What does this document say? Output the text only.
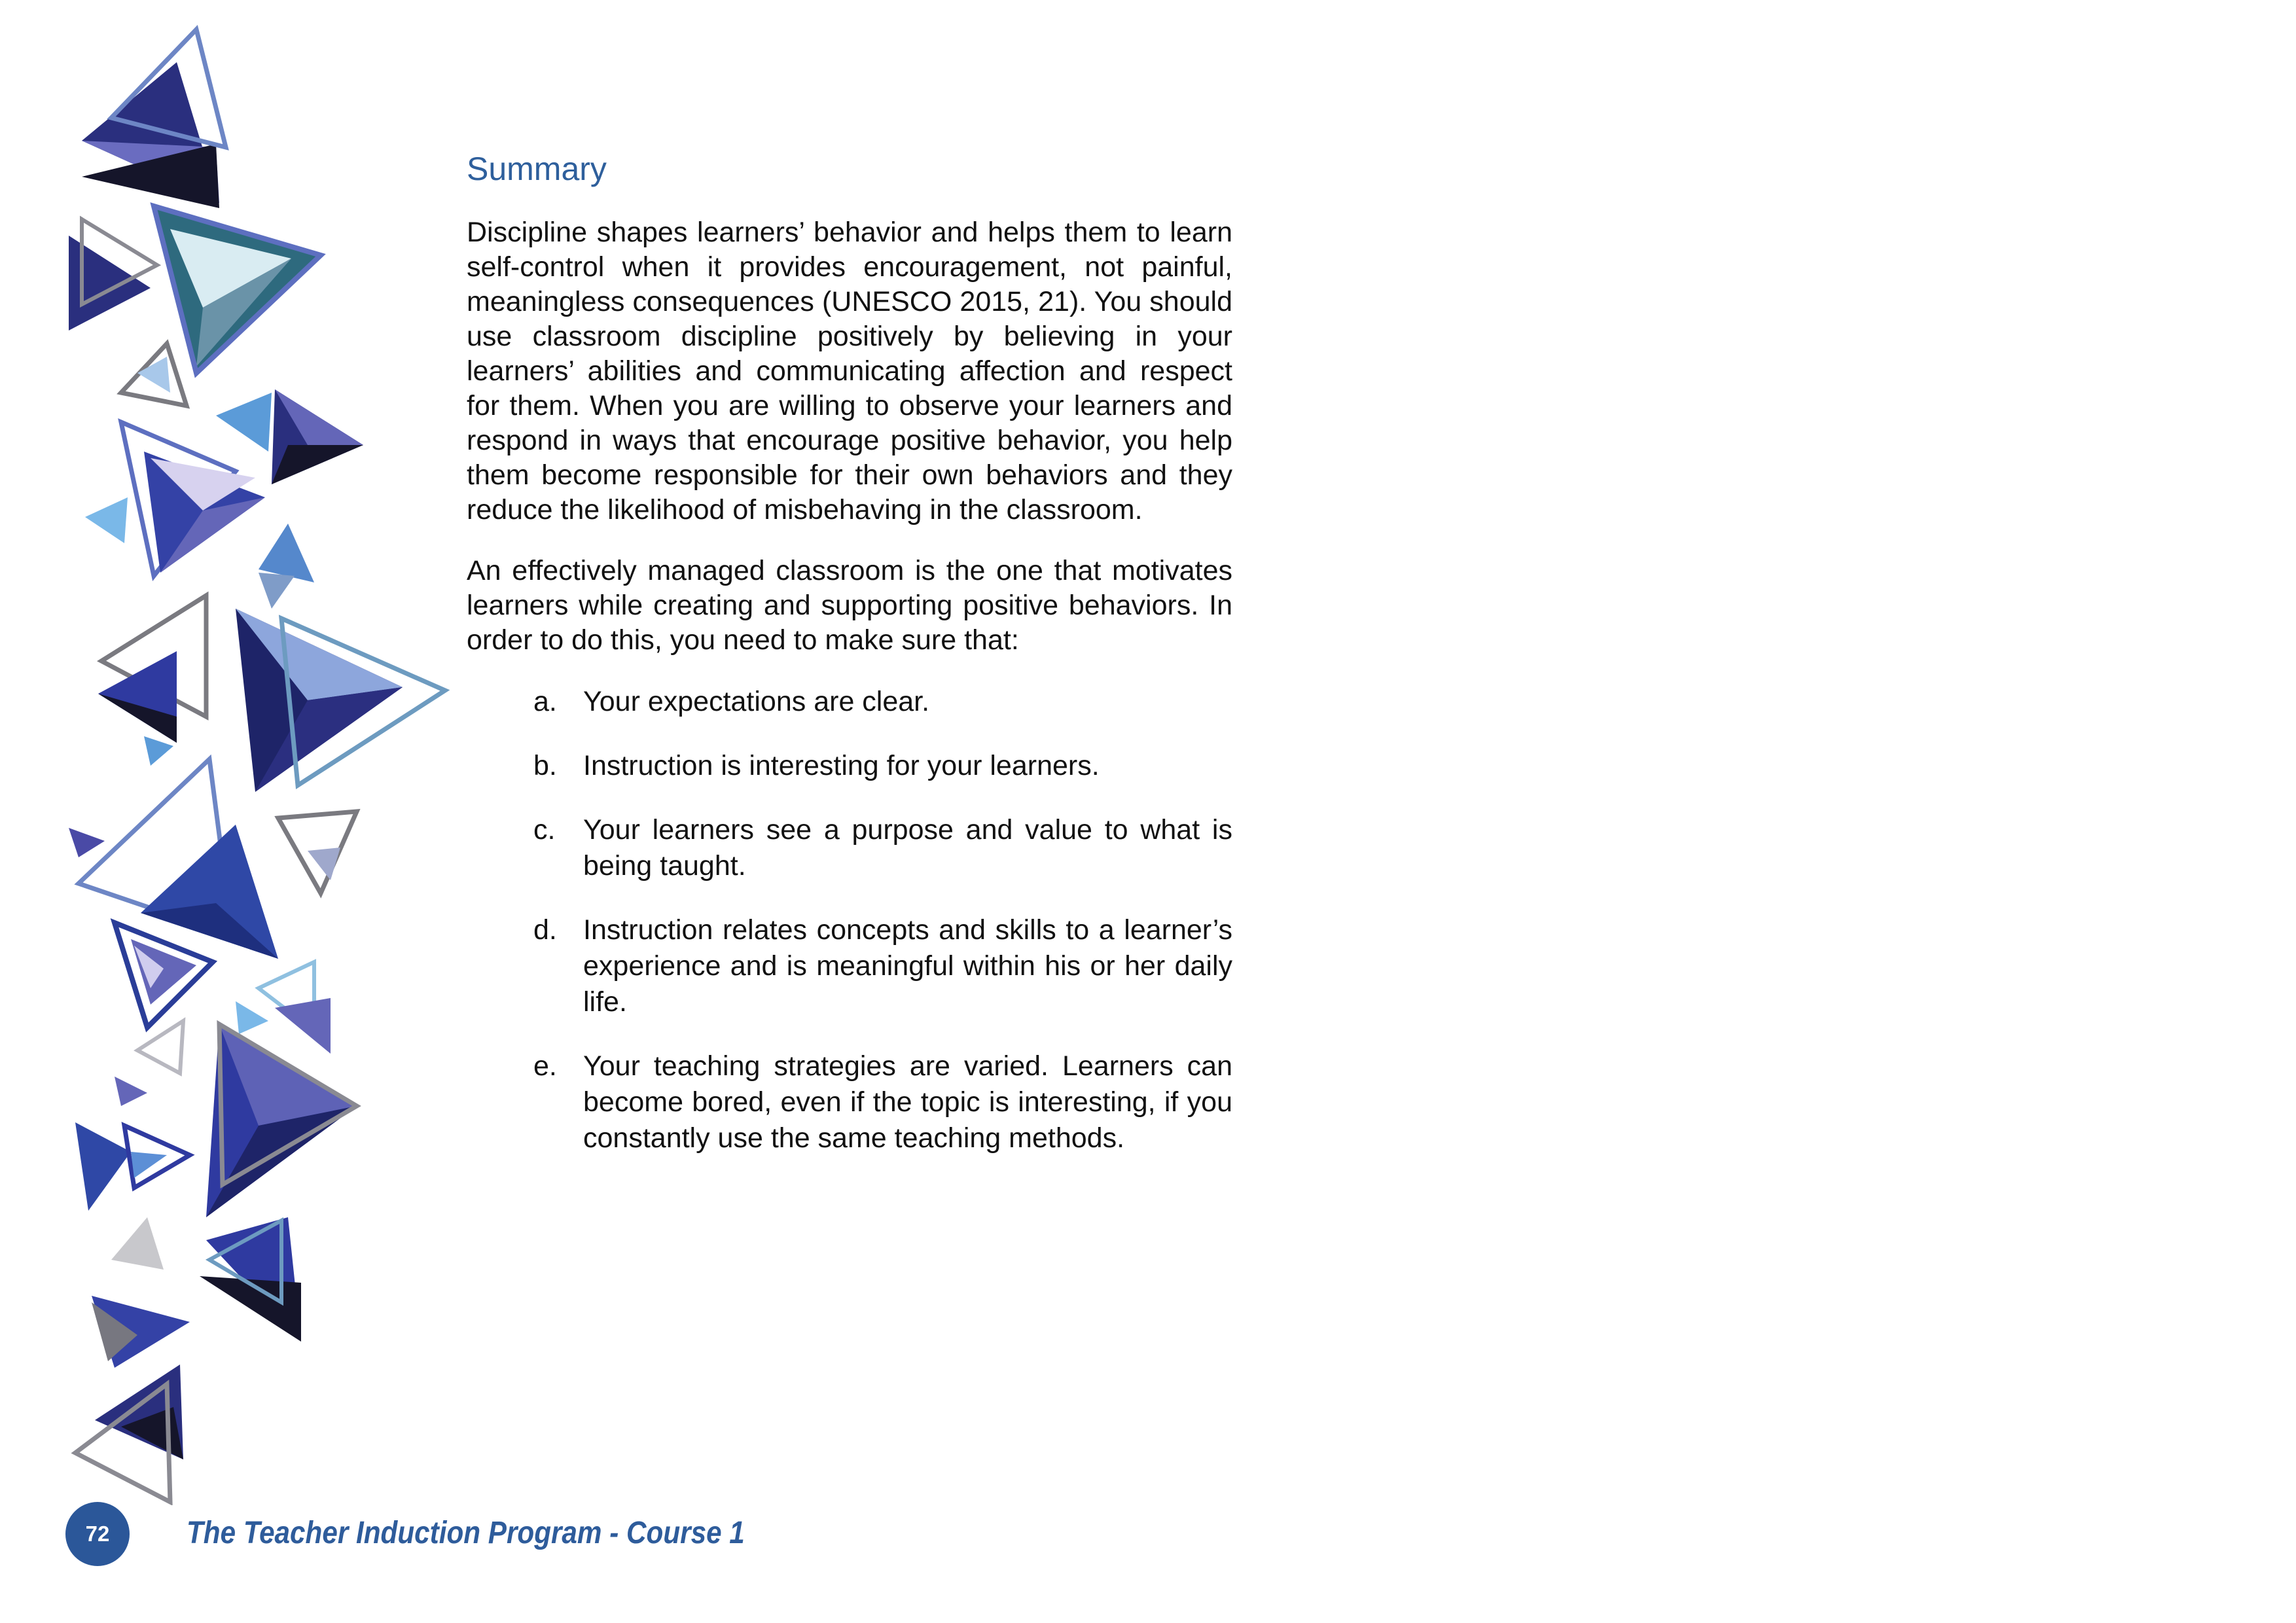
Summary

Discipline shapes learners’ behavior and helps them to learn self-control when it provides encouragement, not painful, meaningless consequences (UNESCO 2015, 21). You should use classroom discipline positively by believing in your learners’ abilities and communicating affection and respect for them. When you are willing to observe your learners and respond in ways that encourage positive behavior, you help them become responsible for their own behaviors and they reduce the likelihood of misbehaving in the classroom.

An effectively managed classroom is the one that motivates learners while creating and supporting positive behaviors. In order to do this, you need to make sure that:

a. Your expectations are clear.
b. Instruction is interesting for your learners.
c. Your learners see a purpose and value to what is being taught.
d. Instruction relates concepts and skills to a learner’s experience and is meaningful within his or her daily life.
e. Your teaching strategies are varied. Learners can become bored, even if the topic is interesting, if you constantly use the same teaching methods.
72	The Teacher Induction Program - Course 1
